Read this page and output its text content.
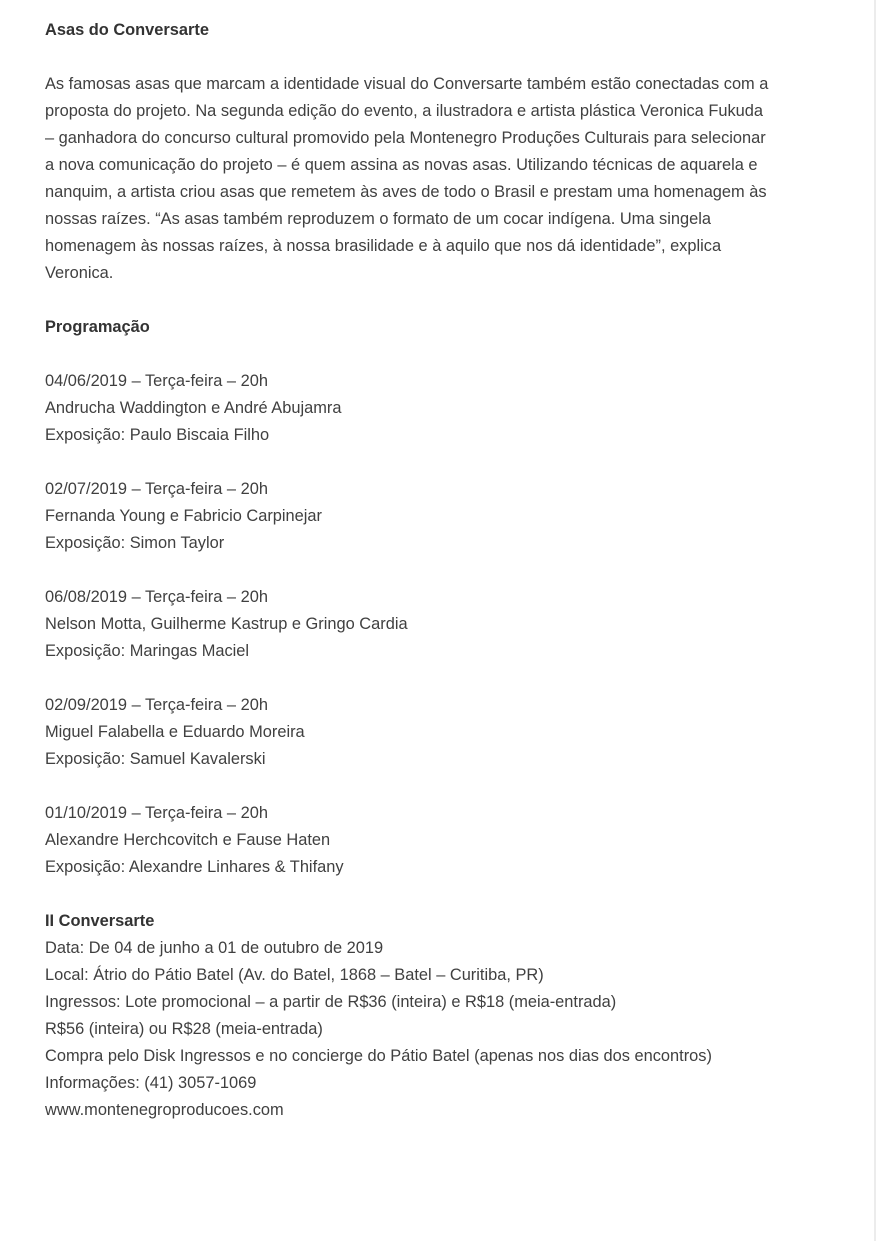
Asas do Conversarte

As famosas asas que marcam a identidade visual do Conversarte também estão conectadas com a
proposta do projeto. Na segunda edição do evento, a ilustradora e artista plástica Veronica Fukuda
– ganhadora do concurso cultural promovido pela Montenegro Produções Culturais para selecionar
a nova comunicação do projeto – é quem assina as novas asas. Utilizando técnicas de aquarela e
nanquim, a artista criou asas que remetem às aves de todo o Brasil e prestam uma homenagem às
nossas raízes. “As asas também reproduzem o formato de um cocar indígena. Uma singela
homenagem às nossas raízes, à nossa brasilidade e à aquilo que nos dá identidade”, explica
Veronica.

Programação

04/06/2019 – Terça-feira – 20h
Andrucha Waddington e André Abujamra
Exposição: Paulo Biscaia Filho
02/07/2019 – Terça-feira – 20h
Fernanda Young e Fabricio Carpinejar
Exposição: Simon Taylor
06/08/2019 – Terça-feira – 20h
Nelson Motta, Guilherme Kastrup e Gringo Cardia
Exposição: Maringas Maciel
02/09/2019 – Terça-feira – 20h
Miguel Falabella e Eduardo Moreira
Exposição: Samuel Kavalerski
01/10/2019 – Terça-feira – 20h
Alexandre Herchcovitch e Fause Haten
Exposição: Alexandre Linhares & Thifany
II Conversarte
Data: De 04 de junho a 01 de outubro de 2019
Local: Átrio do Pátio Batel (Av. do Batel, 1868 – Batel – Curitiba, PR)
Ingressos: Lote promocional – a partir de R$36 (inteira) e R$18 (meia-entrada)
R$56 (inteira) ou R$28 (meia-entrada)
Compra pelo Disk Ingressos e no concierge do Pátio Batel (apenas nos dias dos encontros)
Informações: (41) 3057-1069
www.montenegroproducoes.com
